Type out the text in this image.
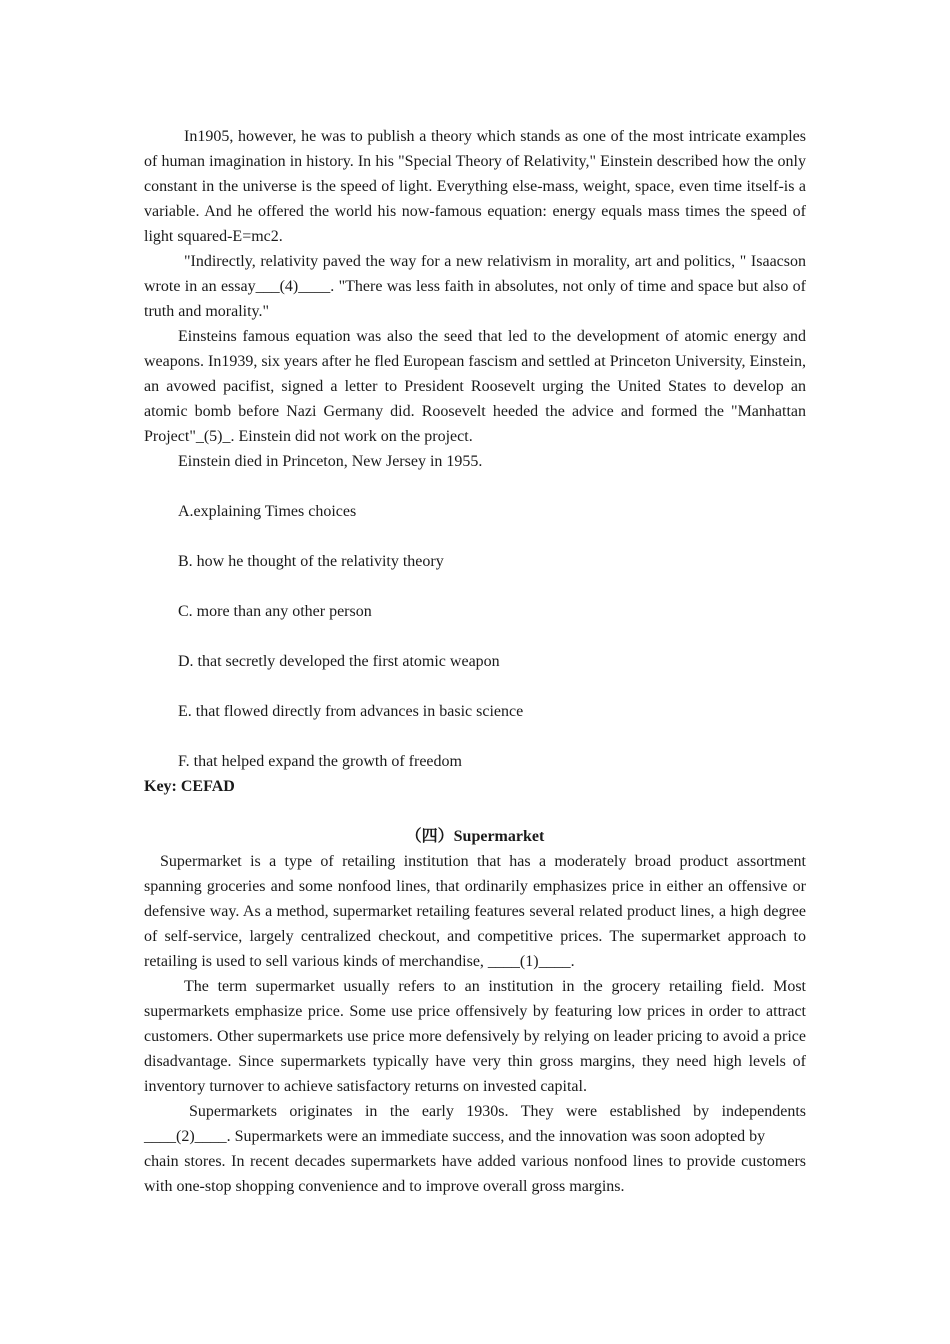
In1905, however, he was to publish a theory which stands as one of the most intricate examples of human imagination in history. In his "Special Theory of Relativity," Einstein described how the only constant in the universe is the speed of light. Everything else-mass, weight, space, even time itself-is a variable. And he offered the world his now-famous equation: energy equals mass times the speed of light squared-E=mc2.

"Indirectly, relativity paved the way for a new relativism in morality, art and politics, " Isaacson wrote in an essay___(4)____. "There was less faith in absolutes, not only of time and space but also of truth and morality."

Einsteins famous equation was also the seed that led to the development of atomic energy and weapons. In1939, six years after he fled European fascism and settled at Princeton University, Einstein, an avowed pacifist, signed a letter to President Roosevelt urging the United States to develop an atomic bomb before Nazi Germany did. Roosevelt heeded the advice and formed the "Manhattan Project"_(5)_. Einstein did not work on the project.

Einstein died in Princeton, New Jersey in 1955.

A.explaining Times choices

B. how he thought of the relativity theory

C. more than any other person

D. that secretly developed the first atomic weapon

E. that flowed directly from advances in basic science

F. that helped expand the growth of freedom

Key: CEFAD

（四）Supermarket

Supermarket is a type of retailing institution that has a moderately broad product assortment spanning groceries and some nonfood lines, that ordinarily emphasizes price in either an offensive or defensive way. As a method, supermarket retailing features several related product lines, a high degree of self-service, largely centralized checkout, and competitive prices. The supermarket approach to retailing is used to sell various kinds of merchandise, ____(1)____.

The term supermarket usually refers to an institution in the grocery retailing field. Most supermarkets emphasize price. Some use price offensively by featuring low prices in order to attract customers. Other supermarkets use price more defensively by relying on leader pricing to avoid a price disadvantage. Since supermarkets typically have very thin gross margins, they need high levels of inventory turnover to achieve satisfactory returns on invested capital.

Supermarkets originates in the early 1930s. They were established by independents

____(2)____. Supermarkets were an immediate success, and the innovation was soon adopted by

chain stores. In recent decades supermarkets have added various nonfood lines to provide customers with one-stop shopping convenience and to improve overall gross margins.
